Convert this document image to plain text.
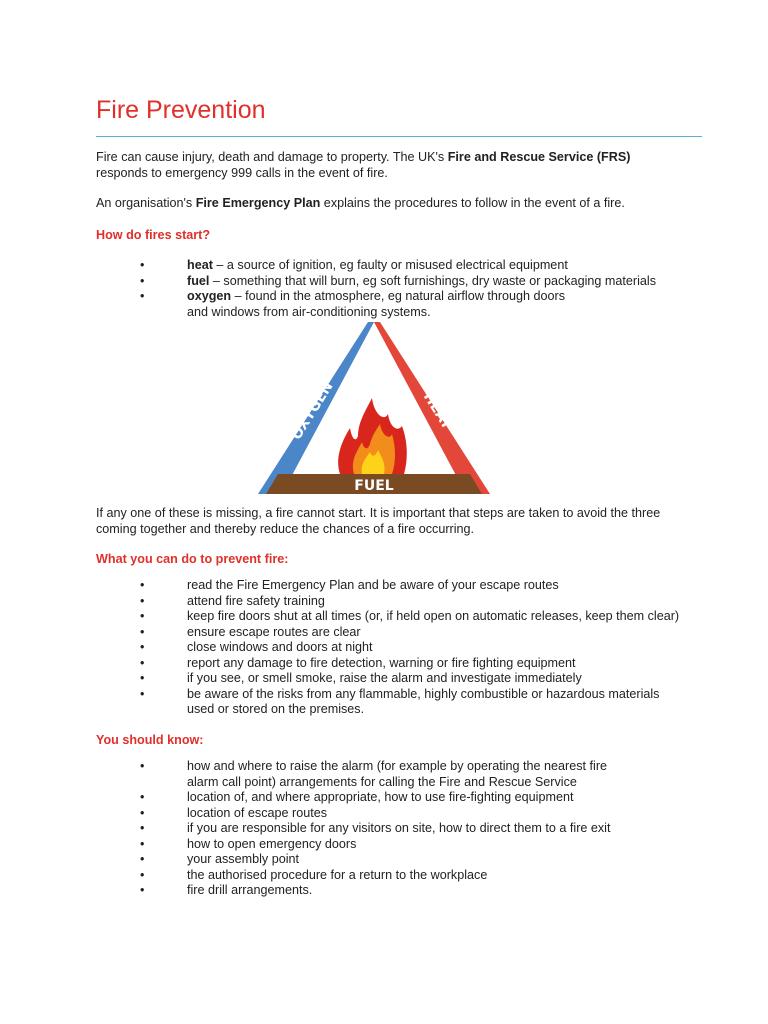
Fire Prevention

Fire can cause injury, death and damage to property. The UK's Fire and Rescue Service (FRS)
responds to emergency 999 calls in the event of fire.

An organisation's Fire Emergency Plan explains the procedures to follow in the event of a fire.

How do fires start?
•	heat – a source of ignition, eg faulty or misused electrical equipment
•	fuel – something that will burn, eg soft furnishings, dry waste or packaging materials
•	oxygen – found in the atmosphere, eg natural airflow through doors
and windows from air-conditioning systems.
OXYGEN	HEAT
FUEL

If any one of these is missing, a fire cannot start. It is important that steps are taken to avoid the three
coming together and thereby reduce the chances of a fire occurring.

What you can do to prevent fire:
•	read the Fire Emergency Plan and be aware of your escape routes
•	attend fire safety training
•	keep fire doors shut at all times (or, if held open on automatic releases, keep them clear)
•	ensure escape routes are clear
•	close windows and doors at night
•	report any damage to fire detection, warning or fire fighting equipment
•	if you see, or smell smoke, raise the alarm and investigate immediately
•	be aware of the risks from any flammable, highly combustible or hazardous materials
used or stored on the premises.
You should know:
•	how and where to raise the alarm (for example by operating the nearest fire
alarm call point) arrangements for calling the Fire and Rescue Service
•	location of, and where appropriate, how to use fire-fighting equipment
•	location of escape routes
•	if you are responsible for any visitors on site, how to direct them to a fire exit
•	how to open emergency doors
•	your assembly point
•	the authorised procedure for a return to the workplace
•	fire drill arrangements.
